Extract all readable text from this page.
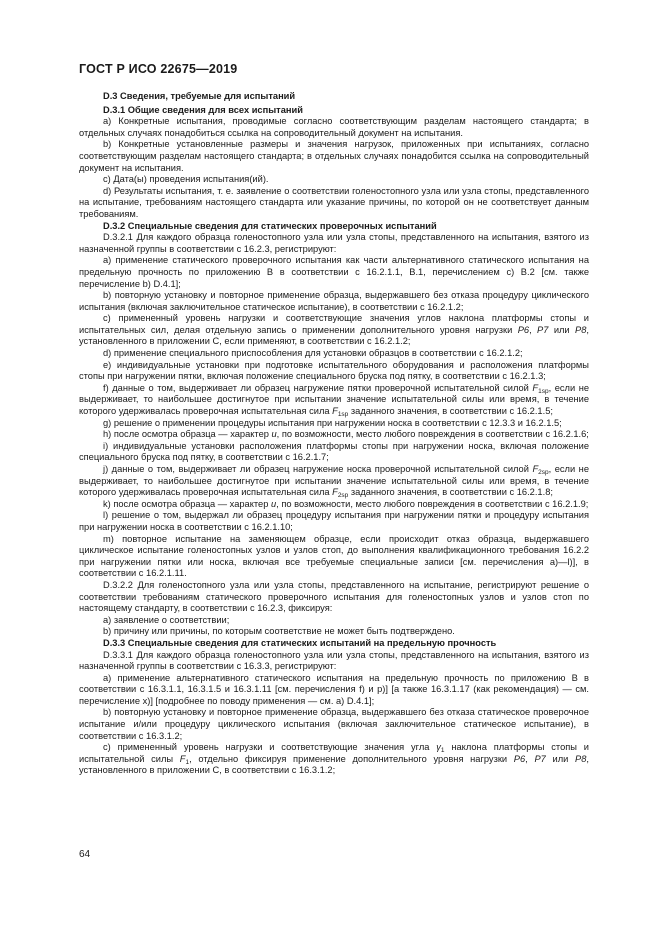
ГОСТ Р ИСО 22675—2019

D.3 Сведения, требуемые для испытаний

D.3.1 Общие сведения для всех испытаний

а) Конкретные испытания, проводимые согласно соответствующим разделам настоящего стандарта; в отдельных случаях понадобиться ссылка на сопроводительный документ на испытания.

b) Конкретные установленные размеры и значения нагрузок, приложенных при испытаниях, согласно соответствующим разделам настоящего стандарта; в отдельных случаях понадобится ссылка на сопроводительный документ на испытания.

с) Дата(ы) проведения испытания(ий).

d) Результаты испытания, т. е. заявление о соответствии голеностопного узла или узла стопы, представленного на испытание, требованиям настоящего стандарта или указание причины, по которой он не соответствует данным требованиям.

D.3.2 Специальные сведения для статических проверочных испытаний

D.3.2.1 Для каждого образца голеностопного узла или узла стопы, представленного на испытания, взятого из назначенной группы в соответствии с 16.2.3, регистрируют:

а) применение статического проверочного испытания как части альтернативного статического испытания на предельную прочность по приложению В в соответствии с 16.2.1.1, В.1, перечислением с) В.2 [см. также перечисление b) D.4.1];

b) повторную установку и повторное применение образца, выдержавшего без отказа процедуру циклического испытания (включая заключительное статическое испытание), в соответствии с 16.2.1.2;

с) примененный уровень нагрузки и соответствующие значения углов наклона платформы стопы и испытательных сил, делая отдельную запись о применении дополнительного уровня нагрузки Р6, Р7 или Р8, установленного в приложении С, если применяют, в соответствии с 16.2.1.2;

d) применение специального приспособления для установки образцов в соответствии с 16.2.1.2;

е) индивидуальные установки при подготовке испытательного оборудования и расположения платформы стопы при нагружении пятки, включая положение специального бруска под пятку, в соответствии с 16.2.1.3;

f) данные о том, выдерживает ли образец нагружение пятки проверочной испытательной силой $F_{1sp}$, если не выдерживает, то наибольшее достигнутое при испытании значение испытательной силы или время, в течение которого удерживалась проверочная испытательная сила $F_{1sp}$ заданного значения, в соответствии с 16.2.1.5;

g) решение о применении процедуры испытания при нагружении носка в соответствии с 12.3.3 и 16.2.1.5;

h) после осмотра образца — характер и, по возможности, место любого повреждения в соответствии с 16.2.1.6;

i) индивидуальные установки расположения платформы стопы при нагружении носка, включая положение специального бруска под пятку, в соответствии с 16.2.1.7;

j) данные о том, выдерживает ли образец нагружение носка проверочной испытательной силой $F_{2sp}$, если не выдерживает, то наибольшее достигнутое при испытании значение испытательной силы или время, в течение которого удерживалась проверочная испытательная сила $F_{2sp}$ заданного значения, в соответствии с 16.2.1.8;

k) после осмотра образца — характер и, по возможности, место любого повреждения в соответствии с 16.2.1.9;

l) решение о том, выдержал ли образец процедуру испытания при нагружении пятки и процедуру испытания при нагружении носка в соответствии с 16.2.1.10;

m) повторное испытание на заменяющем образце, если происходит отказ образца, выдержавшего циклическое испытание голеностопных узлов и узлов стоп, до выполнения квалификационного требования 16.2.2 при нагружении пятки или носка, включая все требуемые специальные записи [см. перечисления а)—l)], в соответствии с 16.2.1.11.

D.3.2.2 Для голеностопного узла или узла стопы, представленного на испытание, регистрируют решение о соответствии требованиям статического проверочного испытания для голеностопных узлов и узлов стоп по настоящему стандарту, в соответствии с 16.2.3, фиксируя:

а) заявление о соответствии;

b) причину или причины, по которым соответствие не может быть подтверждено.

D.3.3 Специальные сведения для статических испытаний на предельную прочность

D.3.3.1 Для каждого образца голеностопного узла или узла стопы, представленного на испытания, взятого из назначенной группы в соответствии с 16.3.3, регистрируют:

а) применение альтернативного статического испытания на предельную прочность по приложению В в соответствии с 16.3.1.1, 16.3.1.5 и 16.3.1.11 [см. перечисления f) и p)] [а также 16.3.1.17 (как рекомендация) — см. перечисление х)] [подробнее по поводу применения — см. а) D.4.1];

b) повторную установку и повторное применение образца, выдержавшего без отказа статическое проверочное испытание и/или процедуру циклического испытания (включая заключительное статическое испытание), в соответствии с 16.3.1.2;

с) примененный уровень нагрузки и соответствующие значения угла $\gamma_1$ наклона платформы стопы и испытательной силы $F_1$, отдельно фиксируя применение дополнительного уровня нагрузки Р6, Р7 или Р8, установленного в приложении С, в соответствии с 16.3.1.2;

64
